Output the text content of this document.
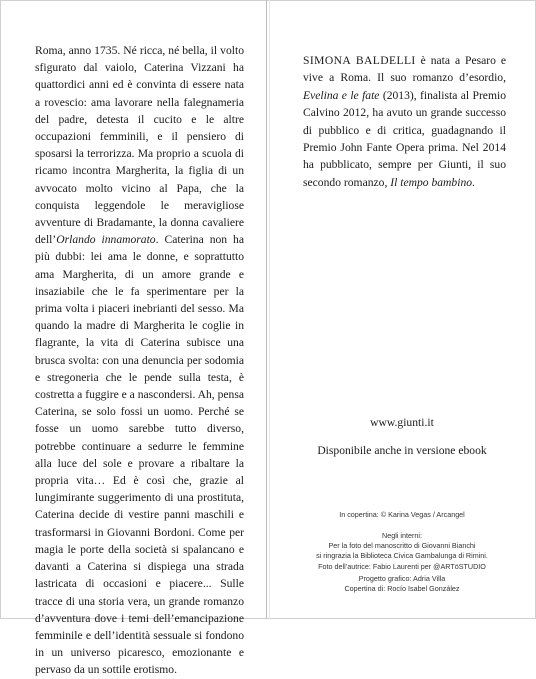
Roma, anno 1735. Né ricca, né bella, il volto sfigurato dal vaiolo, Caterina Vizzani ha quattordici anni ed è convinta di essere nata a rovescio: ama lavorare nella falegnameria del padre, detesta il cucito e le altre occupazioni femminili, e il pensiero di sposarsi la terrorizza. Ma proprio a scuola di ricamo incontra Margherita, la figlia di un avvocato molto vicino al Papa, che la conquista leggendole le meravigliose avventure di Bradamante, la donna cavaliere dell’Orlando innamorato. Caterina non ha più dubbi: lei ama le donne, e soprattutto ama Margherita, di un amore grande e insaziabile che le fa sperimentare per la prima volta i piaceri inebrianti del sesso. Ma quando la madre di Margherita le coglie in flagrante, la vita di Caterina subisce una brusca svolta: con una denuncia per sodomia e stregoneria che le pende sulla testa, è costretta a fuggire e a nascondersi. Ah, pensa Caterina, se solo fossi un uomo. Perché se fosse un uomo sarebbe tutto diverso, potrebbe continuare a sedurre le femmine alla luce del sole e provare a ribaltare la propria vita… Ed è così che, grazie al lungimirante suggerimento di una prostituta, Caterina decide di vestire panni maschili e trasformarsi in Giovanni Bordoni. Come per magia le porte della società si spalancano e davanti a Caterina si dispiega una strada lastricata di occasioni e piacere... Sulle tracce di una storia vera, un grande romanzo d’avventura dove i temi dell’emancipazione femminile e dell’identità sessuale si fondono in un universo picaresco, emozionante e pervaso da un sottile erotismo.

SIMONA BALDELLI è nata a Pesaro e vive a Roma. Il suo romanzo d’esordio, Evelina e le fate (2013), finalista al Premio Calvino 2012, ha avuto un grande successo di pubblico e di critica, guadagnando il Premio John Fante Opera prima. Nel 2014 ha pubblicato, sempre per Giunti, il suo secondo romanzo, Il tempo bambino.

www.giunti.it
Disponibile anche in versione ebook
In copertina: © Karina Vegas / Arcangel
Negli interni:
Per la foto del manoscritto di Giovanni Bianchi
si ringrazia la Biblioteca Civica Gambalunga di Rimini.
Foto dell’autrice: Fabio Laurenti per @ARTöSTUDIO
Progetto grafico: Adria Villa
Copertina di: Rocío Isabel González
